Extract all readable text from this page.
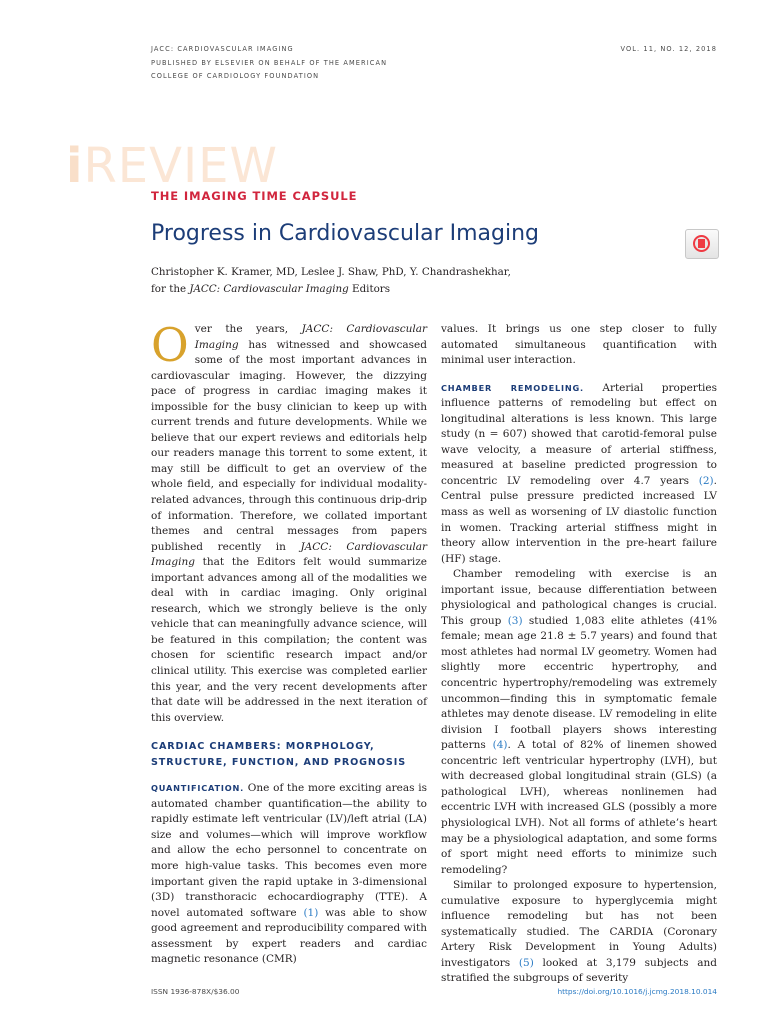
JACC: CARDIOVASCULAR IMAGING
PUBLISHED BY ELSEVIER ON BEHALF OF THE AMERICAN
COLLEGE OF CARDIOLOGY FOUNDATION
VOL. 11, NO. 12, 2018
iREVIEW
THE IMAGING TIME CAPSULE
Progress in Cardiovascular Imaging
Christopher K. Kramer, MD, Leslee J. Shaw, PhD, Y. Chandrashekhar,
for the JACC: Cardiovascular Imaging Editors

Over the years, JACC: Cardiovascular Imaging has witnessed and showcased some of the most important advances in cardiovascular imaging. However, the dizzying pace of progress in cardiac imaging makes it impossible for the busy clinician to keep up with current trends and future developments. While we believe that our expert reviews and editorials help our readers manage this torrent to some extent, it may still be difficult to get an overview of the whole field, and especially for individual modality-related advances, through this continuous drip-drip of information. Therefore, we collated important themes and central messages from papers published recently in JACC: Cardiovascular Imaging that the Editors felt would summarize important advances among all of the modalities we deal with in cardiac imaging. Only original research, which we strongly believe is the only vehicle that can meaningfully advance science, will be featured in this compilation; the content was chosen for scientific research impact and/or clinical utility. This exercise was completed earlier this year, and the very recent developments after that date will be addressed in the next iteration of this overview.

CARDIAC CHAMBERS: MORPHOLOGY, STRUCTURE, FUNCTION, AND PROGNOSIS

QUANTIFICATION. One of the more exciting areas is automated chamber quantification—the ability to rapidly estimate left ventricular (LV)/left atrial (LA) size and volumes—which will improve workflow and allow the echo personnel to concentrate on more high-value tasks. This becomes even more important given the rapid uptake in 3-dimensional (3D) transthoracic echocardiography (TTE). A novel automated software (1) was able to show good agreement and reproducibility compared with assessment by expert readers and cardiac magnetic resonance (CMR)

values. It brings us one step closer to fully automated simultaneous quantification with minimal user interaction.

CHAMBER REMODELING. Arterial properties influence patterns of remodeling but effect on longitudinal alterations is less known. This large study (n = 607) showed that carotid-femoral pulse wave velocity, a measure of arterial stiffness, measured at baseline predicted progression to concentric LV remodeling over 4.7 years (2). Central pulse pressure predicted increased LV mass as well as worsening of LV diastolic function in women. Tracking arterial stiffness might in theory allow intervention in the pre-heart failure (HF) stage.

Chamber remodeling with exercise is an important issue, because differentiation between physiological and pathological changes is crucial. This group (3) studied 1,083 elite athletes (41% female; mean age 21.8 ± 5.7 years) and found that most athletes had normal LV geometry. Women had slightly more eccentric hypertrophy, and concentric hypertrophy/remodeling was extremely uncommon—finding this in symptomatic female athletes may denote disease. LV remodeling in elite division I football players shows interesting patterns (4). A total of 82% of linemen showed concentric left ventricular hypertrophy (LVH), but with decreased global longitudinal strain (GLS) (a pathological LVH), whereas nonlinemen had eccentric LVH with increased GLS (possibly a more physiological LVH). Not all forms of athlete’s heart may be a physiological adaptation, and some forms of sport might need efforts to minimize such remodeling?

Similar to prolonged exposure to hypertension, cumulative exposure to hyperglycemia might influence remodeling but has not been systematically studied. The CARDIA (Coronary Artery Risk Development in Young Adults) investigators (5) looked at 3,179 subjects and stratified the subgroups of severity

ISSN 1936-878X/$36.00	https://doi.org/10.1016/j.jcmg.2018.10.014
